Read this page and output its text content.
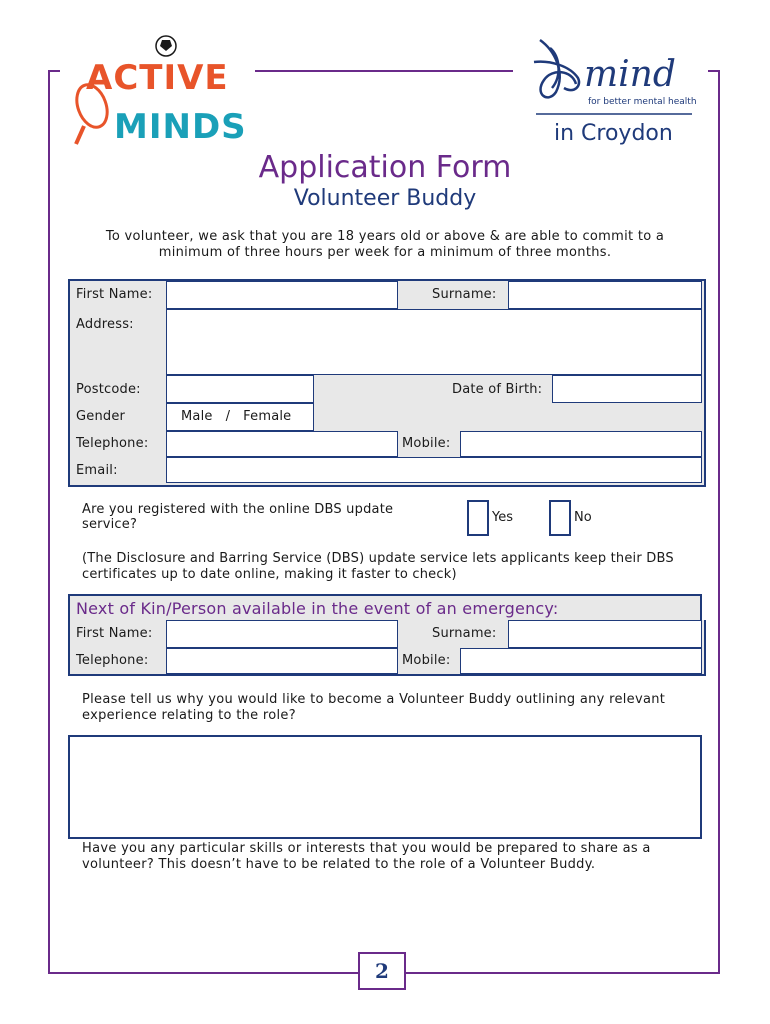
ACTIVE
MINDS
mind
for better mental health
in Croydon
Application Form
Volunteer Buddy
To volunteer, we ask that you are 18 years old or above & are able to commit to a minimum of three hours per week for a minimum of three months.
First Name:	Surname:
Address:
Postcode:	Date of Birth:
Gender	Male   /   Female
Telephone:	Mobile:
Email:
Are you registered with the online DBS update service?	Yes	No
(The Disclosure and Barring Service (DBS) update service lets applicants keep their DBS certificates up to date online, making it faster to check)
Next of Kin/Person available in the event of an emergency:
First Name:	Surname:
Telephone:	Mobile:
Please tell us why you would like to become a Volunteer Buddy outlining any relevant experience relating to the role?
Have you any particular skills or interests that you would be prepared to share as a volunteer? This doesn’t have to be related to the role of a Volunteer Buddy.
2
